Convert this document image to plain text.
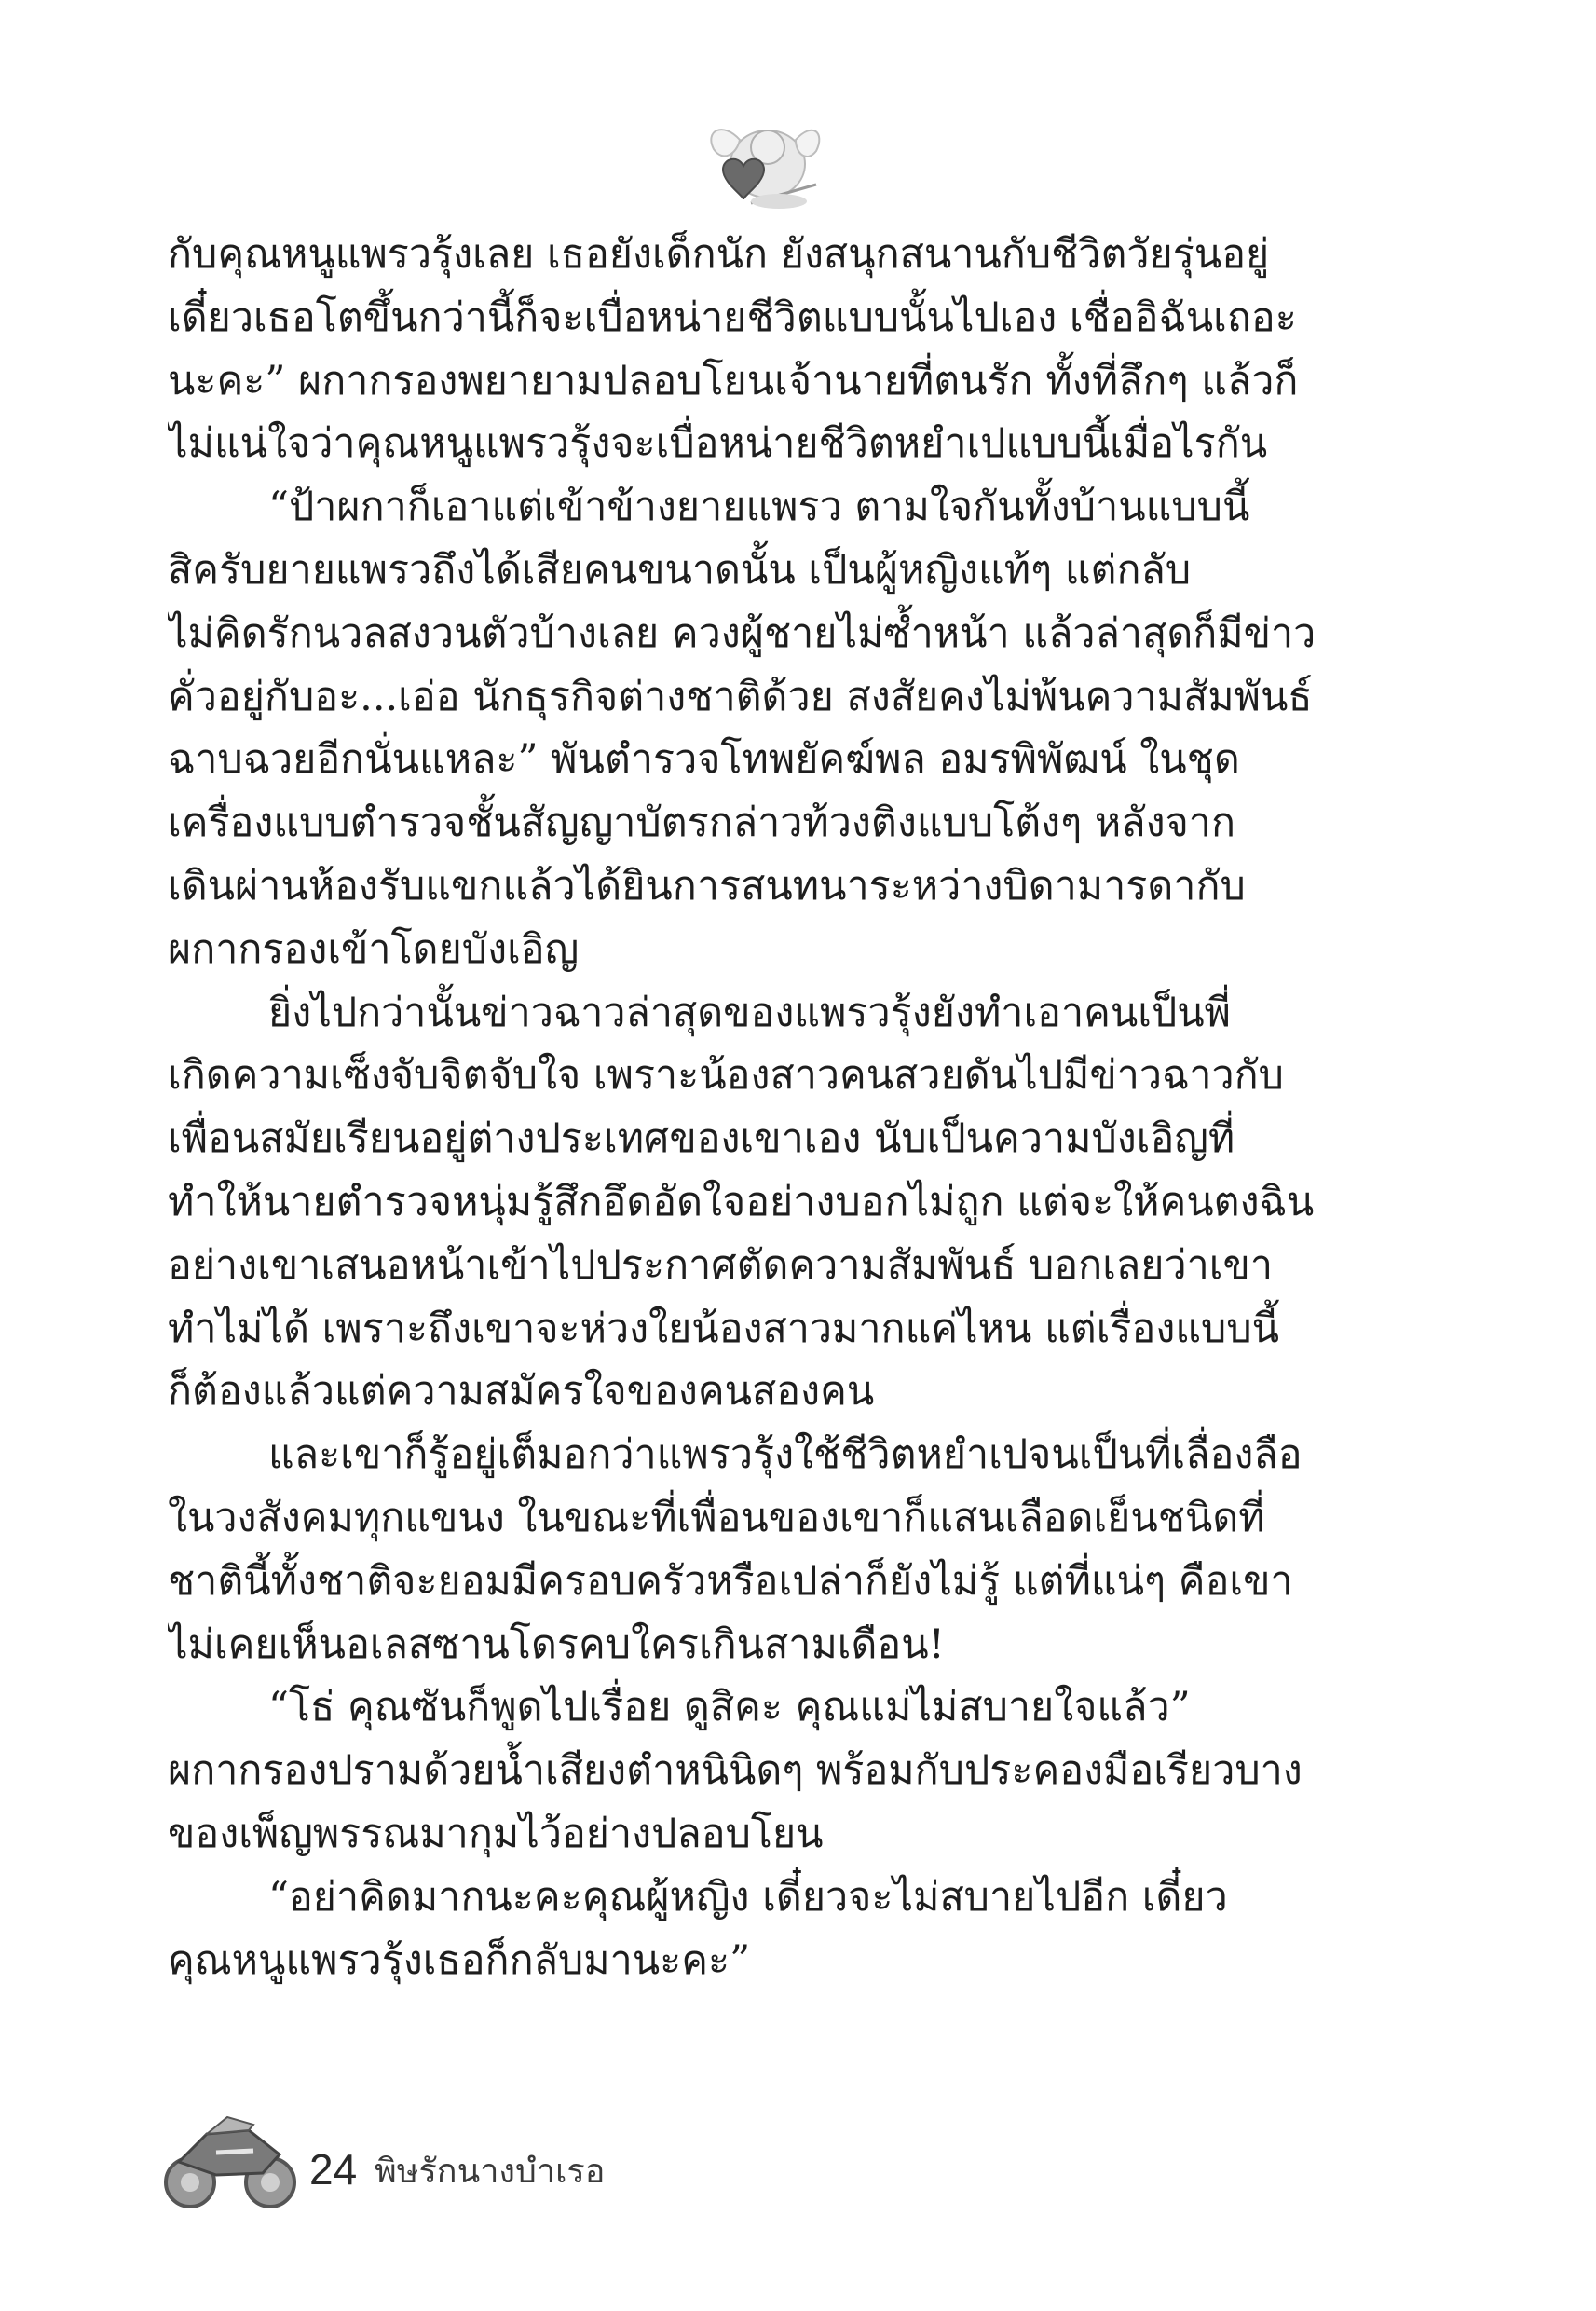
กับคุณหนูแพรวรุ้งเลย เธอยังเด็กนัก ยังสนุกสนานกับชีวิตวัยรุ่นอยู่
เดี๋ยวเธอโตขึ้นกว่านี้ก็จะเบื่อหน่ายชีวิตแบบนั้นไปเอง เชื่ออิฉันเถอะ
นะคะ” ผกากรองพยายามปลอบโยนเจ้านายที่ตนรัก ทั้งที่ลึกๆ แล้วก็
ไม่แน่ใจว่าคุณหนูแพรวรุ้งจะเบื่อหน่ายชีวิตหยำเปแบบนี้เมื่อไรกัน
“ป้าผกาก็เอาแต่เข้าข้างยายแพรว ตามใจกันทั้งบ้านแบบนี้
สิครับยายแพรวถึงได้เสียคนขนาดนั้น เป็นผู้หญิงแท้ๆ แต่กลับ
ไม่คิดรักนวลสงวนตัวบ้างเลย ควงผู้ชายไม่ซ้ำหน้า แล้วล่าสุดก็มีข่าว
คั่วอยู่กับอะ...เอ่อ นักธุรกิจต่างชาติด้วย สงสัยคงไม่พ้นความสัมพันธ์
ฉาบฉวยอีกนั่นแหละ” พันตำรวจโทพยัคฆ์พล อมรพิพัฒน์ ในชุด
เครื่องแบบตำรวจชั้นสัญญาบัตรกล่าวท้วงติงแบบโต้งๆ หลังจาก
เดินผ่านห้องรับแขกแล้วได้ยินการสนทนาระหว่างบิดามารดากับ
ผกากรองเข้าโดยบังเอิญ
ยิ่งไปกว่านั้นข่าวฉาวล่าสุดของแพรวรุ้งยังทำเอาคนเป็นพี่
เกิดความเซ็งจับจิตจับใจ เพราะน้องสาวคนสวยดันไปมีข่าวฉาวกับ
เพื่อนสมัยเรียนอยู่ต่างประเทศของเขาเอง นับเป็นความบังเอิญที่
ทำให้นายตำรวจหนุ่มรู้สึกอึดอัดใจอย่างบอกไม่ถูก แต่จะให้คนตงฉิน
อย่างเขาเสนอหน้าเข้าไปประกาศตัดความสัมพันธ์ บอกเลยว่าเขา
ทำไม่ได้ เพราะถึงเขาจะห่วงใยน้องสาวมากแค่ไหน แต่เรื่องแบบนี้
ก็ต้องแล้วแต่ความสมัครใจของคนสองคน
และเขาก็รู้อยู่เต็มอกว่าแพรวรุ้งใช้ชีวิตหยำเปจนเป็นที่เลื่องลือ
ในวงสังคมทุกแขนง ในขณะที่เพื่อนของเขาก็แสนเลือดเย็นชนิดที่
ชาตินี้ทั้งชาติจะยอมมีครอบครัวหรือเปล่าก็ยังไม่รู้ แต่ที่แน่ๆ คือเขา
ไม่เคยเห็นอเลสซานโดรคบใครเกินสามเดือน!
“โธ่ คุณซันก็พูดไปเรื่อย ดูสิคะ คุณแม่ไม่สบายใจแล้ว”
ผกากรองปรามด้วยน้ำเสียงตำหนินิดๆ พร้อมกับประคองมือเรียวบาง
ของเพ็ญพรรณมากุมไว้อย่างปลอบโยน
“อย่าคิดมากนะคะคุณผู้หญิง เดี๋ยวจะไม่สบายไปอีก เดี๋ยว
คุณหนูแพรวรุ้งเธอก็กลับมานะคะ”
24 พิษรักนางบำเรอ
